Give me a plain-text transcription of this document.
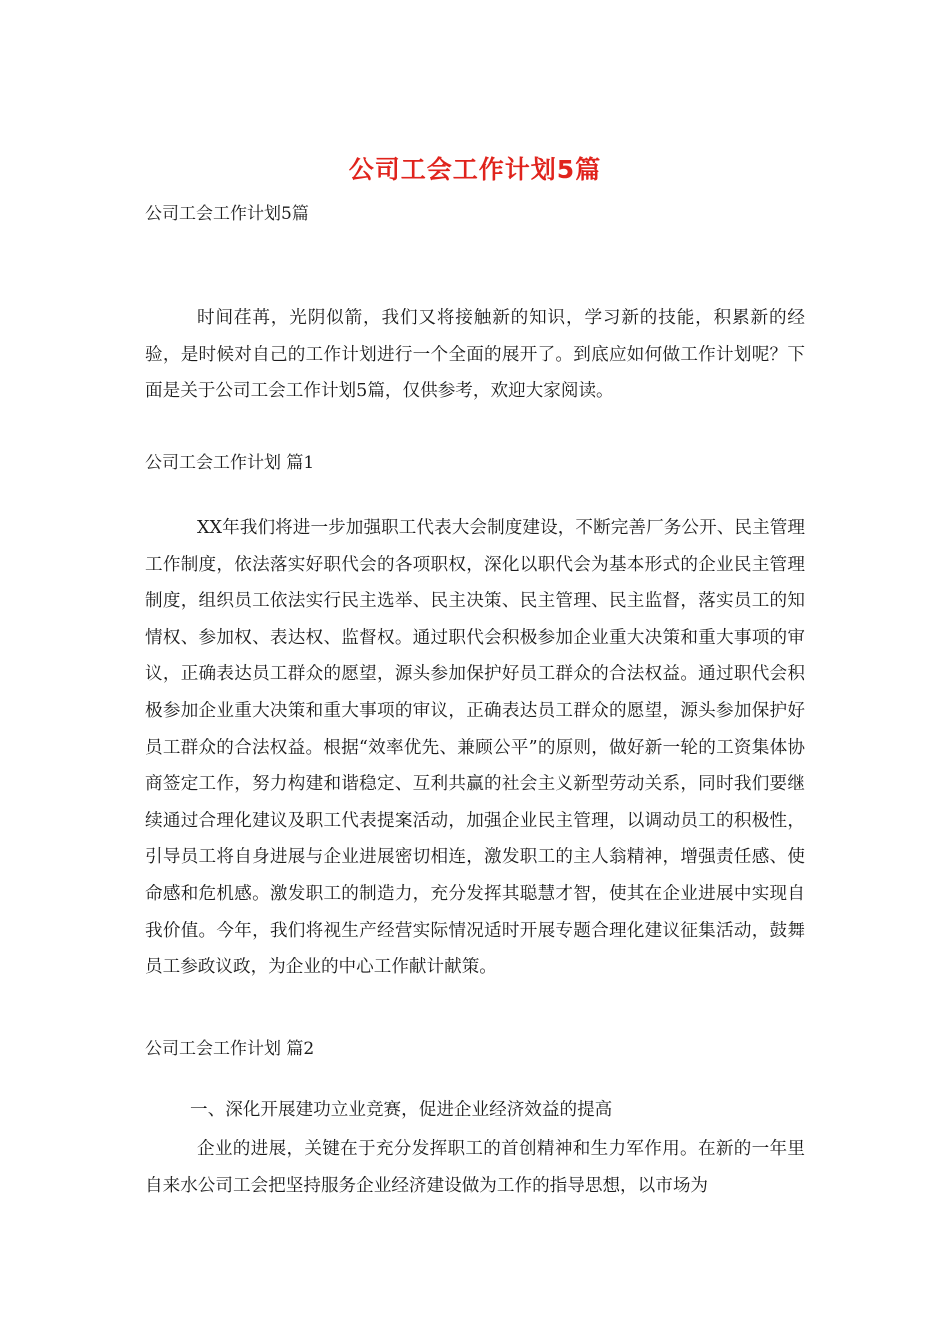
公司工会工作计划5篇
公司工会工作计划5篇

时间荏苒，光阴似箭，我们又将接触新的知识，学习新的技能，积累新的经验，是时候对自己的工作计划进行一个全面的展开了。到底应如何做工作计划呢？下面是关于公司工会工作计划5篇，仅供参考，欢迎大家阅读。

公司工会工作计划 篇1

XX年我们将进一步加强职工代表大会制度建设，不断完善厂务公开、民主管理工作制度，依法落实好职代会的各项职权，深化以职代会为基本形式的企业民主管理制度，组织员工依法实行民主选举、民主决策、民主管理、民主监督，落实员工的知情权、参加权、表达权、监督权。通过职代会积极参加企业重大决策和重大事项的审议，正确表达员工群众的愿望，源头参加保护好员工群众的合法权益。通过职代会积极参加企业重大决策和重大事项的审议，正确表达员工群众的愿望，源头参加保护好员工群众的合法权益。根据“效率优先、兼顾公平”的原则，做好新一轮的工资集体协商签定工作，努力构建和谐稳定、互利共赢的社会主义新型劳动关系，同时我们要继续通过合理化建议及职工代表提案活动，加强企业民主管理，以调动员工的积极性，引导员工将自身进展与企业进展密切相连，激发职工的主人翁精神，增强责任感、使命感和危机感。激发职工的制造力，充分发挥其聪慧才智，使其在企业进展中实现自我价值。今年，我们将视生产经营实际情况适时开展专题合理化建议征集活动，鼓舞员工参政议政，为企业的中心工作献计献策。

公司工会工作计划 篇2

一、深化开展建功立业竞赛，促进企业经济效益的提高

企业的进展，关键在于充分发挥职工的首创精神和生力军作用。在新的一年里自来水公司工会把坚持服务企业经济建设做为工作的指导思想，以市场为
